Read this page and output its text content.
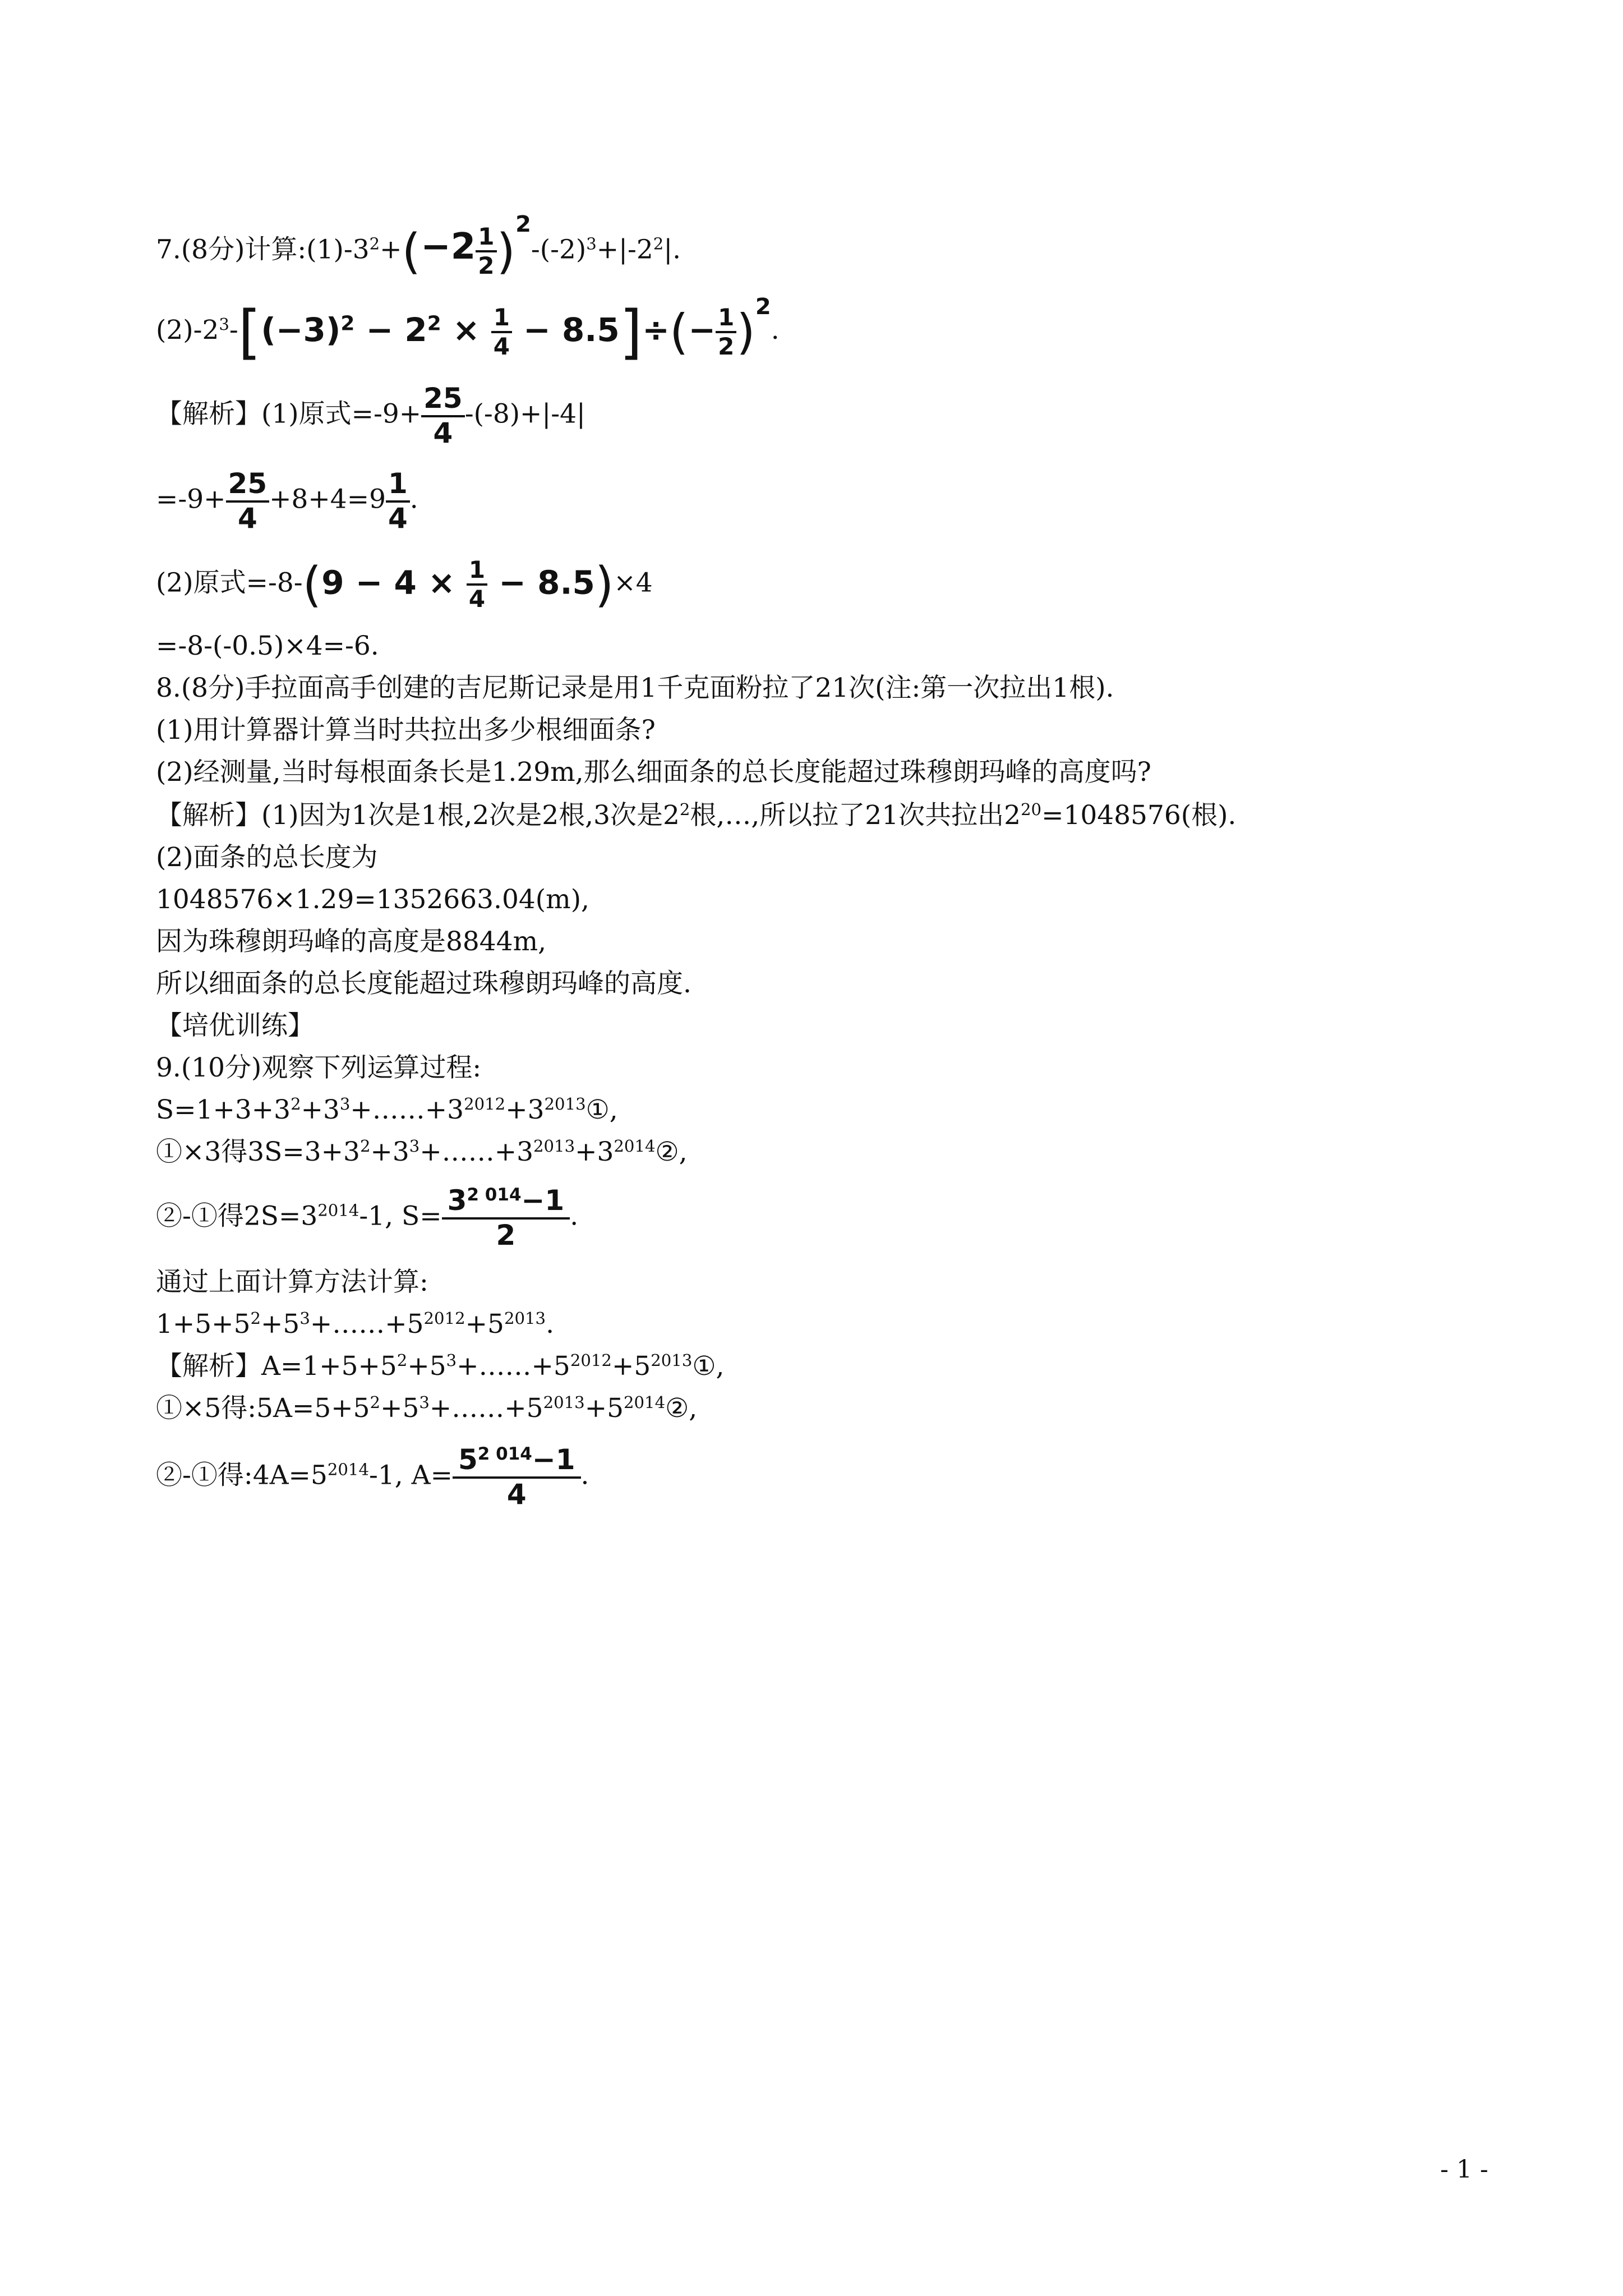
7.(8分)计算$:(1)-3^2+(-2 \frac{1}{2} )^2-(-2)^3+|-2^2|$.
$(2)-2^3-[(-3)^2 - 2^2 \times \frac{1}{4} - 8.5]\div(- \frac{1}{2} )^2$.
【解析】(1)原式$=-9+ \frac{25}{4} -(-8)+|-4|$
$=-9+ \frac{25}{4} +8+4=9 \frac{1}{4}$ .
(2)原式$=-8-(9 - 4 \times \frac{1}{4} - 8.5)\times 4$
=-8-(-0.5)×4=-6.
8.(8分)手拉面高手创建的吉尼斯记录是用1千克面粉拉了21次(注:第一次拉出1根).
(1)用计算器计算当时共拉出多少根细面条?
(2)经测量,当时每根面条长是1.29m,那么细面条的总长度能超过珠穆朗玛峰的高度吗?
【解析】(1)因为1次是1根,2次是2根,3次是$2^2$根,…,所以拉了21次共拉出$2^{20}=1048576$(根).
(2)面条的总长度为
1048576×1.29=1352663.04(m),
因为珠穆朗玛峰的高度是8844m,
所以细面条的总长度能超过珠穆朗玛峰的高度.
【培优训练】
9.(10分)观察下列运算过程:
$S=1+3+3^2+3^3+\dots\dots+3^{2012}+3^{2013}①$,
①×3得$3S=3+3^2+3^3+\dots\dots+3^{2013}+3^{2014}②$,
②-①得$2S=3^{2014}-1$, $S= \frac{3^{2 014}-1}{2}$ .
通过上面计算方法计算:
$1+5+5^2+5^3+\dots\dots+5^{2012}+5^{2013}$.
【解析】$A=1+5+5^2+5^3+\dots\dots+5^{2012}+5^{2013}①$,
①×5得$:5A=5+5^2+5^3+\dots\dots+5^{2013}+5^{2014}②$,
②-①得$:4A=5^{2014}-1$, $A= \frac{5^{2 014}-1}{4}$ .
- 1 -
